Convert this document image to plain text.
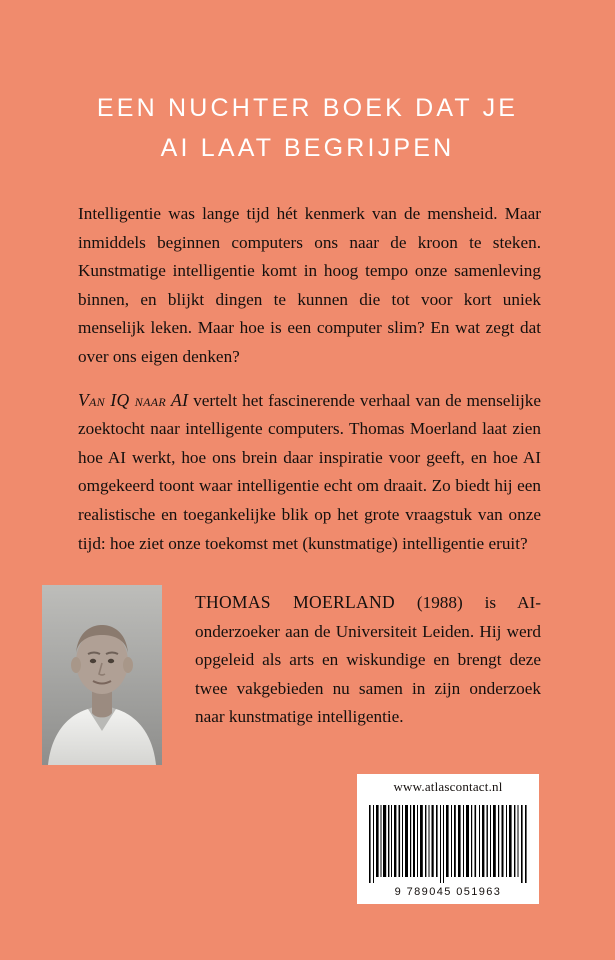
EEN NUCHTER BOEK DAT JE
AI LAAT BEGRIJPEN

Intelligentie was lange tijd hét kenmerk van de mensheid. Maar inmiddels beginnen computers ons naar de kroon te steken. Kunstmatige intelligentie komt in hoog tempo onze samenleving binnen, en blijkt dingen te kunnen die tot voor kort uniek menselijk leken. Maar hoe is een computer slim? En wat zegt dat over ons eigen denken?

Van IQ naar AI vertelt het fascinerende verhaal van de menselijke zoektocht naar intelligente computers. Thomas Moerland laat zien hoe AI werkt, hoe ons brein daar inspiratie voor geeft, en hoe AI omgekeerd toont waar intelligentie echt om draait. Zo biedt hij een realistische en toegankelijke blik op het grote vraagstuk van onze tijd: hoe ziet onze toekomst met (kunstmatige) intelligentie eruit?

THOMAS MOERLAND (1988) is AI-onderzoeker aan de Universiteit Leiden. Hij werd opgeleid als arts en wiskundige en brengt deze twee vakgebieden nu samen in zijn onderzoek naar kunstmatige intelligentie.

www.atlascontact.nl
9 789045 051963
